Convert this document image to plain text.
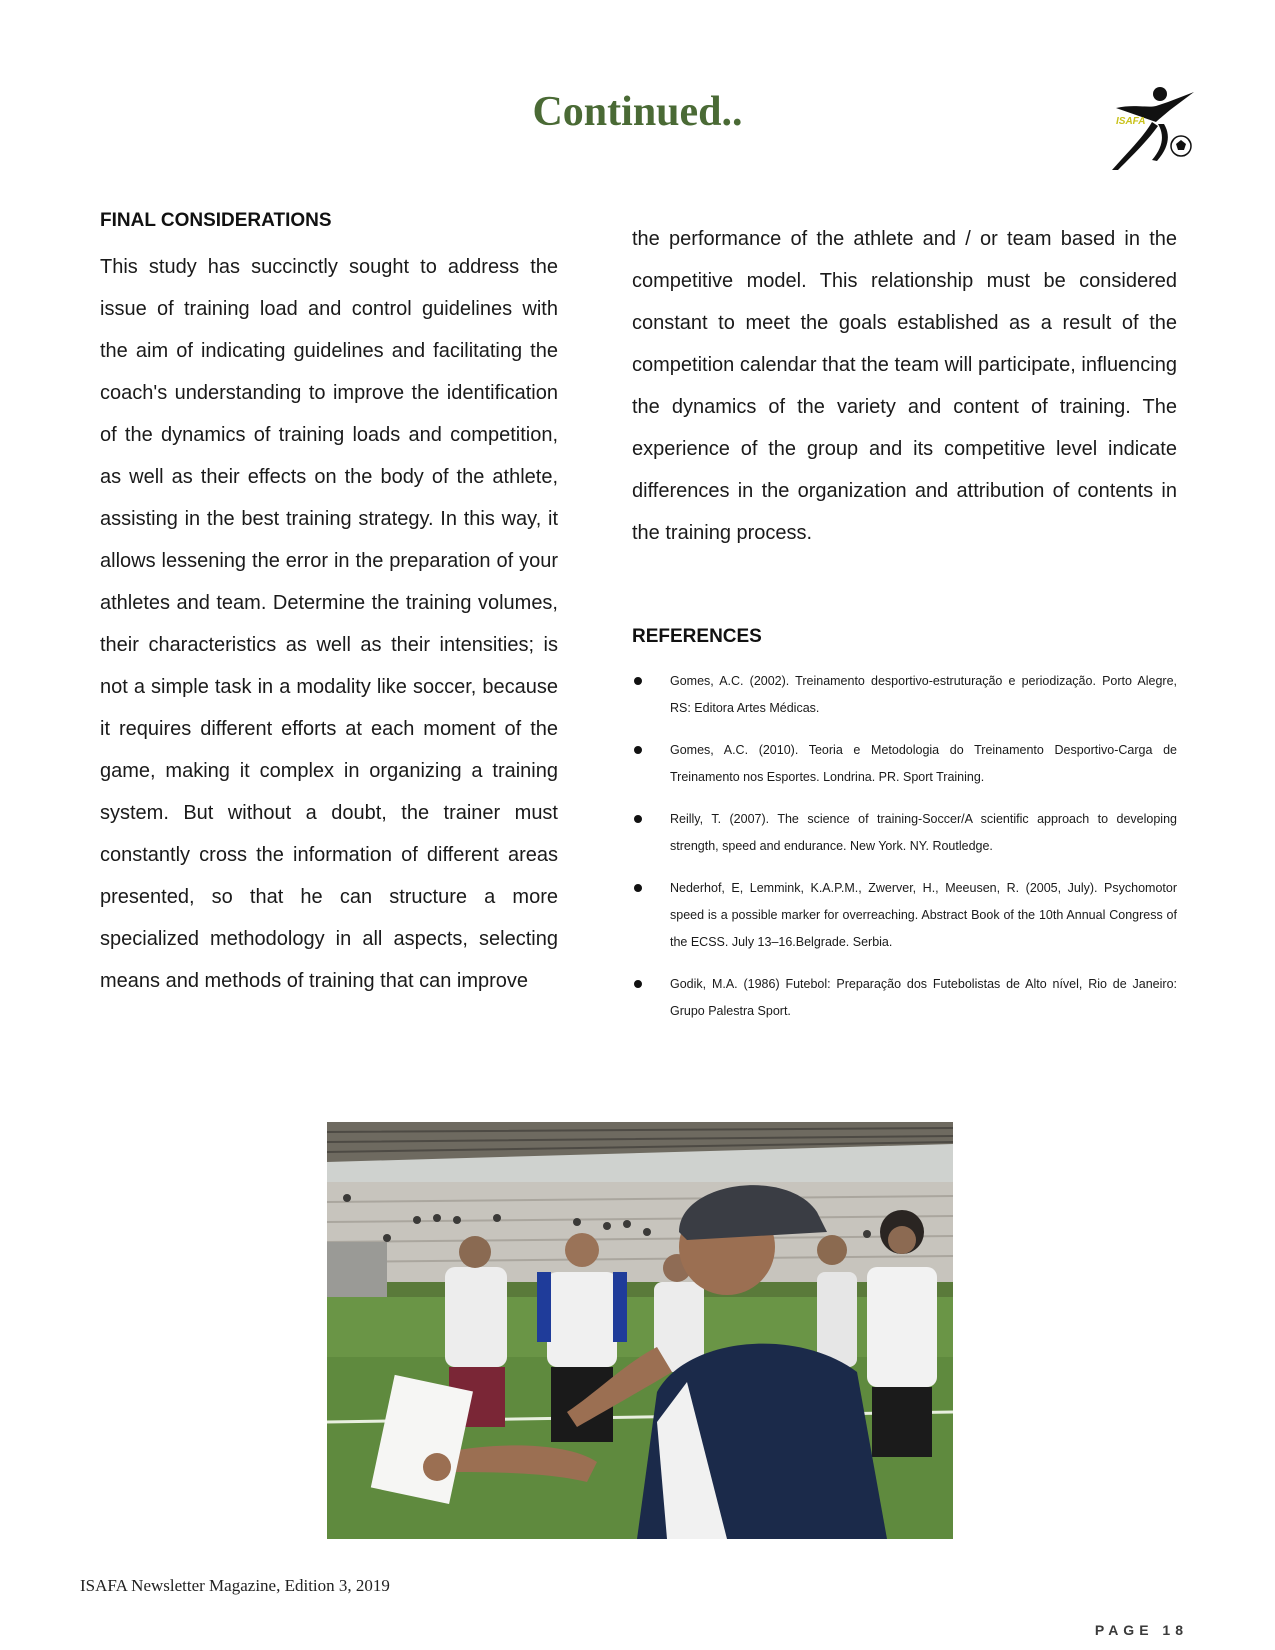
Continued..	ISAFA
FINAL CONSIDERATIONS

This study has succinctly sought to address the issue of training load and control guidelines with the aim of indicating guidelines and facilitating the coach's understanding to improve the identification of the dynamics of training loads and competition, as well as their effects on the body of the athlete, assisting in the best training strategy. In this way, it allows lessening the error in the preparation of your athletes and team. Determine the training volumes, their characteristics as well as their intensities; is not a simple task in a modality like soccer, because it requires different efforts at each moment of the game, making it complex in organizing a training system. But without a doubt, the trainer must constantly cross the information of different areas presented, so that he can structure a more specialized methodology in all aspects, selecting means and methods of training that can improve

the performance of the athlete and / or team based in the competitive model. This relationship must be considered constant to meet the goals established as a result of the competition calendar that the team will participate, influencing the dynamics of the variety and content of training. The experience of the group and its competitive level indicate differences in the organization and attribution of contents in the training process.

REFERENCES
Gomes, A.C. (2002). Treinamento desportivo-estruturação e periodização. Porto Alegre, RS: Editora Artes Médicas.
Gomes, A.C. (2010). Teoria e Metodologia do Treinamento Desportivo-Carga de Treinamento nos Esportes. Londrina. PR. Sport Training.
Reilly, T. (2007). The science of training-Soccer/A scientific approach to developing strength, speed and endurance. New York. NY. Routledge.
Nederhof, E, Lemmink, K.A.P.M., Zwerver, H., Meeusen, R. (2005, July). Psychomotor speed is a possible marker for overreaching. Abstract Book of the 10th Annual Congress of the ECSS. July 13–16.Belgrade. Serbia.
Godik, M.A. (1986) Futebol: Preparação dos Futebolistas de Alto nível, Rio de Janeiro: Grupo Palestra Sport.
ISAFA Newsletter Magazine, Edition 3, 2019
PAGE 18
